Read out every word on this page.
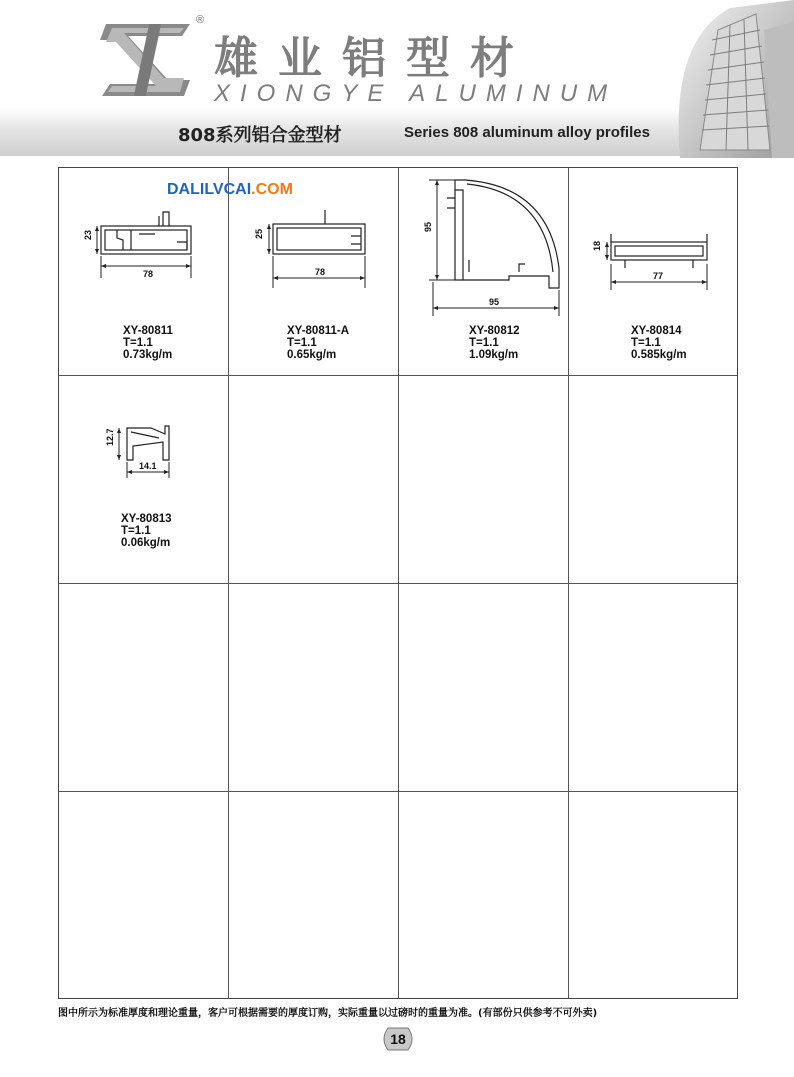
®
雄业铝型材
XIONGYE ALUMINUM
808系列铝合金型材	Series 808 aluminum alloy profiles
DALILVCAI.COM
23
78
XY-80811
T=1.1
0.73kg/m
25
78
XY-80811-A
T=1.1
0.65kg/m
95
95
XY-80812
T=1.1
1.09kg/m
18
77
XY-80814
T=1.1
0.585kg/m
12.7
14.1
XY-80813
T=1.1
0.06kg/m
图中所示为标准厚度和理论重量，客户可根据需要的厚度订购，实际重量以过磅时的重量为准。(有部份只供参考不可外卖)
18
